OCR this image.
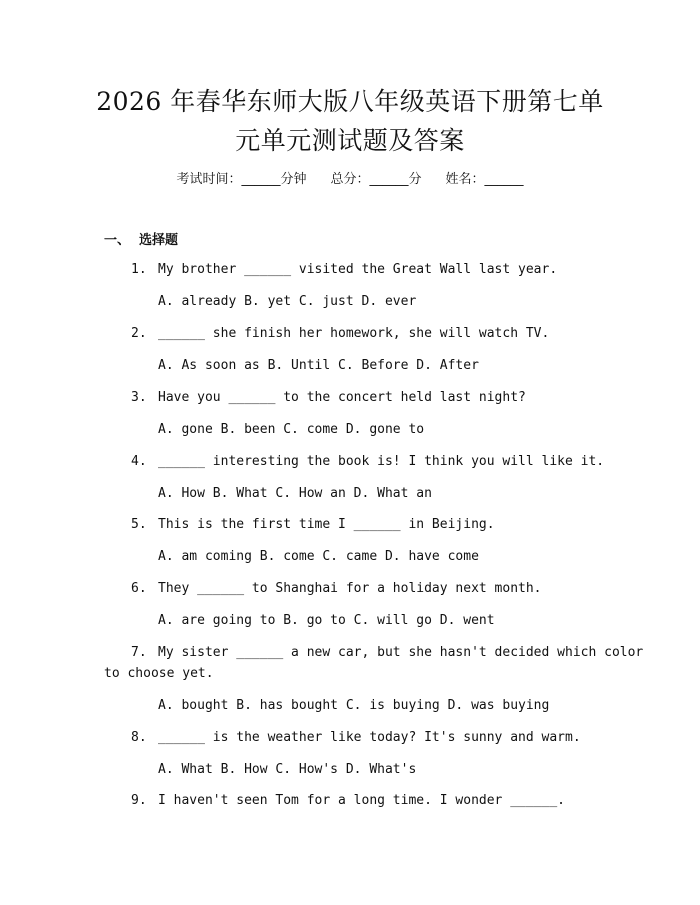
2026 年春华东师大版八年级英语下册第七单
元单元测试题及答案
考试时间：______分钟 总分：______分 姓名：______
一、  选择题
1. My brother ______ visited the Great Wall last year.
A. already B. yet C. just D. ever
2. ______ she finish her homework, she will watch TV.
A. As soon as B. Until C. Before D. After
3. Have you ______ to the concert held last night?
A. gone B. been C. come D. gone to
4. ______ interesting the book is! I think you will like it.
A. How B. What C. How an D. What an
5. This is the first time I ______ in Beijing.
A. am coming B. come C. came D. have come
6. They ______ to Shanghai for a holiday next month.
A. are going to B. go to C. will go D. went
7. My sister ______ a new car, but she hasn't decided which color
to choose yet.
A. bought B. has bought C. is buying D. was buying
8. ______ is the weather like today? It's sunny and warm.
A. What B. How C. How's D. What's
9. I haven't seen Tom for a long time. I wonder ______.
